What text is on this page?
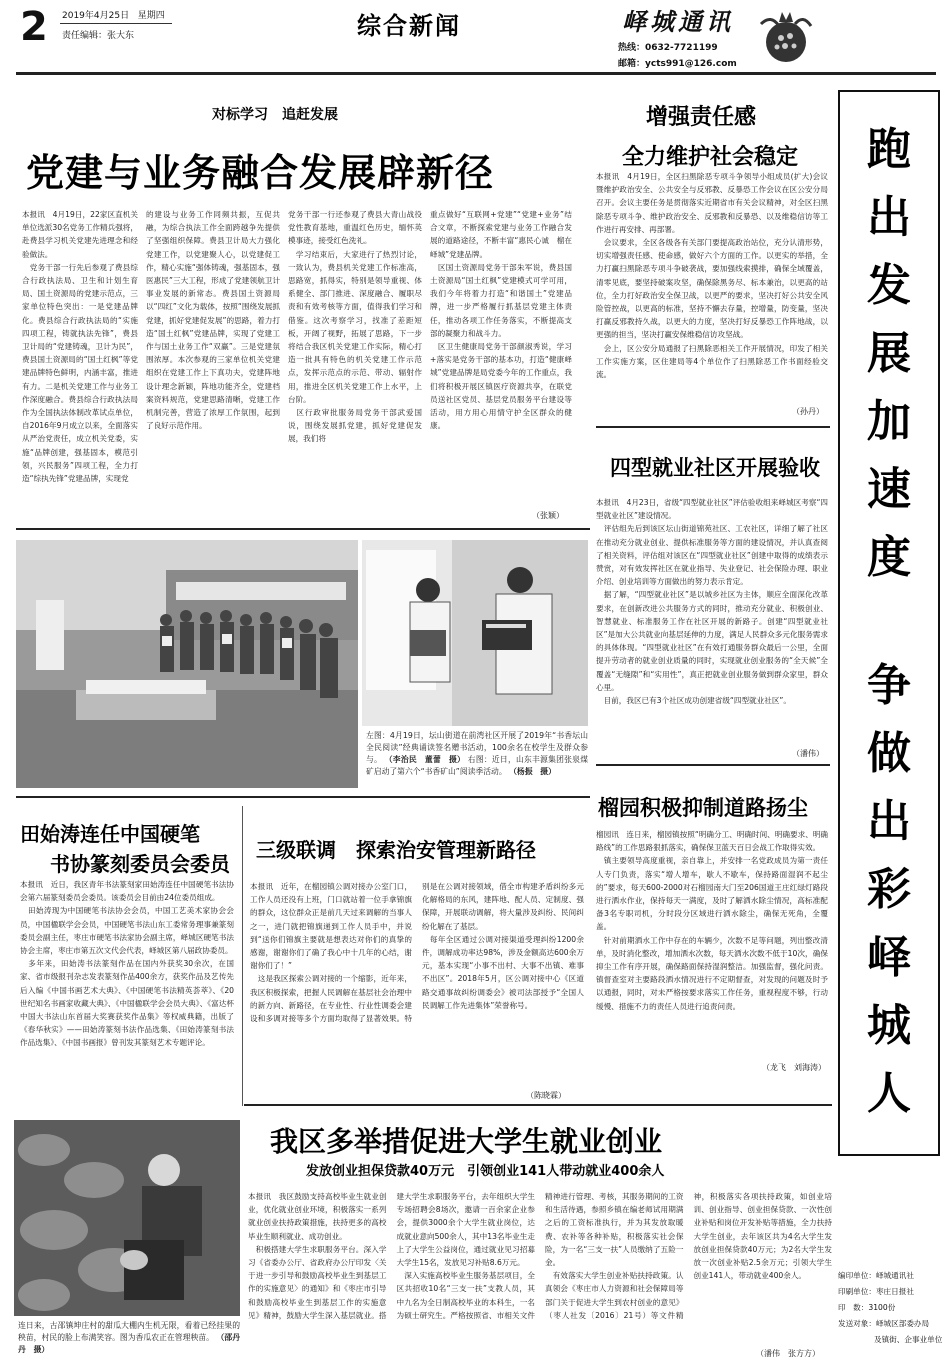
2 2019年4月25日 星期四
责任编辑：张大东	综合新闻	峄城通讯
热线：0632-7721199
邮箱：ycts991@126.com
对标学习　追赶发展
党建与业务融合发展辟新径
本报讯　4月19日，22家区直机关单位选派30名党务工作精兵强将，赴费县学习机关党建先进理念和经验做法。
　党务干部一行先后参观了费县综合行政执法局、卫生和计划生育局、国土资源局的党建示范点，三家单位特色突出：一是党建品牌化。费县综合行政执法局的“实施四项工程，铸就执法先锋”，费县卫计局的“党建铸魂，卫计为民”，费县国土资源局的“国土红枫”等党建品牌特色鲜明，内涵丰富，推进有力。二是机关党建工作与业务工作深度融合。费县综合行政执法局作为全国执法体制改革试点单位，自2016年9月成立以来，全面落实从严治党责任，成立机关党委，实施“品牌创建，强基固本，模范引领，兴民服务”四项工程，全力打造“综执先锋”党建品牌，实现党
的建设与业务工作同频共振，互促共融，为综合执法工作全面跨越争先提供了坚强组织保障。费县卫计局大力强化党建工作，以党建聚人心，以党建促工作，精心实施“强体铸魂，强基固本，强医惠民”三大工程，形成了党建领航卫计事业发展的新常态。费县国土资源局以“四红”文化为载体，按照“围绕发展抓党建，抓好党建促发展”的思路，着力打造“国土红枫”党建品牌，实现了党建工作与国土业务工作“双赢”。三是党建氛围浓厚。本次参观的三家单位机关党建组织在党建工作上下真功夫，党建阵地设计理念新颖，阵地功能齐全，党建档案资料规范，党建思路清晰，党建工作机制完善，营造了浓厚工作氛围，起到了良好示范作用。
党务干部一行还参观了费县大青山战役党性教育基地，重温红色历史，缅怀英模事迹，接受红色洗礼。
　学习结束后，大家进行了热烈讨论，一致认为，费县机关党建工作标准高，思路宽，抓得实，特别是领导重视、体系健全、部门推进、深度融合、履职尽责和有效考核等方面，值得我们学习和借鉴。这次考察学习，找准了差距短板，开阔了视野，拓展了思路，下一步将结合我区机关党建工作实际，精心打造一批具有特色的机关党建工作示范点，发挥示范点的示范、带动、辐射作用，推进全区机关党建工作上水平，上台阶。
　区行政审批服务局党务干部武爱国说，围绕发展抓党建，抓好党建促发展，我们将
重点做好“互联网+党建”“党建+业务”结合文章，不断探索党建与业务工作融合发展的道路途径，不断丰富“惠民心诚　榴在峄城”党建品牌。
　区国土资源局党务干部朱军说，费县国土资源局“国土红枫”党建模式可学可用，我们今年将着力打造“和谐国土”党建品牌，进一步严格履行抓基层党建主体责任，推动各项工作任务落实，不断提高支部的凝聚力和战斗力。
　区卫生健康局党务干部颜淑秀说，学习+落实是党务干部的基本功，打造“健康峄城”党建品牌是局党委今年的工作重点，我们将积极开展区镇医疗资源共享，在联党员送社区党员、基层党员服务平台建设等活动，用方用心用情守护全区群众的健康。
（张颖）
左图：4月19日，坛山街道在前湾社区开展了2019年“书香坛山　全民阅读”经典诵读签名赠书活动，100余名在校学生及群众参与。 （李治民　董蕾　摄） 右图：近日，山东丰源集团张泉煤矿启动了第六个“书香矿山”阅读季活动。 （杨振　摄）
增强责任感
全力维护社会稳定
本报讯　4月19日，全区扫黑除恶专项斗争领导小组成员(扩大)会议暨维护政治安全、公共安全与反邪教、反暴恐工作会议在区公安分局召开。会议主要任务是贯彻落实近期省市有关会议精神，对全区扫黑除恶专项斗争、维护政治安全、反邪教和反暴恐、以及维稳信访等工作进行再安排、再部署。
　会议要求，全区各级各有关部门要提高政治站位，充分认清形势，切实增强责任感、使命感，做好六个方面的工作。以更实的举措，全力打赢扫黑除恶专项斗争破袭战，要加强线索摸排，确保全域覆盖，清零见底，要坚持破案攻坚，确保除黑务尽、标本兼治，以更高的站位，全力打好政治安全保卫战，以更严的要求，坚决打好公共安全风险管控战，以更高的标准，坚持不懈去存量，控增量，防变量，坚决打赢反邪教持久战，以更大的力度，坚决打好反暴恐工作阵地战，以更强的担当，坚决打赢安保维稳信访攻坚战。
　会上，区公安分局通报了扫黑除恶相关工作开展情况，印发了相关工作实施方案，区住建局等4个单位作了扫黑除恶工作书面经验交流。
（孙丹）
四型就业社区开展验收
本报讯　4月23日，省级“四型就业社区”评估验收组来峄城区考察“四型就业社区”建设情况。
　评估组先后到该区坛山街道锦苑社区、工农社区，详细了解了社区在推动充分就业创业、提供标准服务等方面的建设情况，并认真查阅了相关资料，评估组对该区在“四型就业社区”创建中取得的成绩表示赞赏，对有效发挥社区在就业指导、失业登记、社会保险办理、职业介绍、创业培训等方面做出的努力表示肯定。
　据了解，“四型就业社区”是以城乡社区为主体，顺应全面深化改革要求，在创新改进公共服务方式的同时，推动充分就业、积极创业、智慧就业、标准服务工作在社区开展的新路子。创建“四型就业社区”是加大公共就业向基层延伸的力度，满足人民群众多元化服务需求的具体体现。“四型就业社区”在有效打通服务群众最后一公里，全面提升劳动者的就业创业质量的同时，实现就业创业服务的“全天候”全覆盖“无缝隙”和“实用性”，真正把就业创业服务做到群众家里，群众心里。
　目前，我区已有3个社区成功创建省级“四型就业社区”。
（潘伟）
榴园积极抑制道路扬尘
榴园讯　连日来，榴园镇按照“明确分工、明确时间、明确要求、明确路线”的工作思路狠抓落实，确保保卫蓝天百日会战工作取得实效。
　镇主要领导高度重视，亲自靠上，并安排一名党政成员为第一责任人专门负责，落实“增人增车，歇人不歇车，保持路面湿润不起尘的”要求，每天600-2000对石榴园南大门至206国道王庄红绿灯路段进行洒水作业，保持每天一满度，及时了解洒水除尘情况，高标准配备3名专职司机，分时段分区域进行洒水除尘，确保无死角，全覆盖。
　针对前期洒水工作中存在的车辆少，次数不足等问题，列出整改清单，及时消化整改，增加洒水次数，每天洒水次数不低于10次，确保抑尘工作有序开展，确保路面保持湿润整洁。加强监督，强化问责。镇督查室对主要路段洒水情况进行不定期督查，对发现的问题及时予以通报，同时，对未严格按要求落实工作任务，重视程度不够，行动缓慢、措施不力的责任人员进行追责问责。
（龙飞　刘海涛）
跑
出
发
展
加
速
度
争
做
出
彩
峄
城
人
田始涛连任中国硬笔
书协篆刻委员会委员
本报讯　近日，我区青年书法篆刻家田始涛连任中国硬笔书法协会第六届篆刻委员会委员。该委员会目前由24位委员组成。
　田始涛现为中国硬笔书法协会会员，中国工艺美术家协会会员，中国楹联学会会员，中国硬笔书法山东工委常务理事兼篆刻委员会副主任，枣庄市硬笔书法家协会副主席，峄城区硬笔书法协会主席，枣庄市第五次文代会代表，峄城区第八届政协委员。
　多年来，田始涛书法篆刻作品在国内外获奖30余次，在国家、省市级报刊杂志发表篆刻作品400余方，获奖作品及艺传先后入编《中国书画艺术大典》、《中国硬笔书法精英荟萃》、《20世纪知名书画家收藏大典》、《中国楹联学会会员大典》、《富达杯中国大书法山东首届大奖赛获奖作品集》等权威典籍，出版了《春华秋实》——田始涛篆刻书法作品选集、《田始涛篆刻书法作品选集》、《中国书画报》曾刊发其篆刻艺术专题评论。
三级联调　探索治安管理新路径
本报讯　近年，在榴园镇公调对接办公室门口，工作人员还没有上班，门口就站着一位手拿锦旗的群众，这位群众正是前几天过来调解的当事人之一，进门就把锦旗递到工作人员手中，并说到“送你们锦旗主要就是想表达对你们的真挚的感谢，谢谢你们了确了我心中十几年的心结，谢谢你们了！”
　这是我区探索公调对接的一个缩影，近年来，我区积极探索，把握人民调解在基层社会治理中的新方向、新路径，在专业性、行业性调委会建设和多调对接等多个方面均取得了显著效果。特别是在公调对接领域，借全市构建矛盾纠纷多元化解格局的东风，建阵地、配人员、定制度、强保障，开展联动调解，将大量涉及纠纷、民间纠纷化解在了基层。
　每年全区通过公调对接渠道受理纠纷1200余件，调解成功率达98%，涉及金额高达600余万元，基本实现“小事不出村、大事不出镇、难事不出区”。2018年5月，区公调对接中心《区道路交通事故纠纷调委会》被司法部授予“全国人民调解工作先进集体”荣誉称号。
（陈晓霖）
我区多举措促进大学生就业创业
发放创业担保贷款40万元　引领创业141人带动就业400余人
本报讯　我区鼓励支持高校毕业生就业创业，优化就业创业环境，积极落实一系列就业创业扶持政策措施，扶持更多的高校毕业生顺利就业、成功创业。
　积极搭建大学生求职服务平台。深入学习《省委办公厅、省政府办公厅印发〈关于进一步引导和鼓励高校毕业生到基层工作的实施意见〉的通知》和《枣庄市引导和鼓励高校毕业生到基层工作的实施意见》精神，鼓励大学生深入基层就业。搭建大学生求职服务平台，去年组织大学生专场招聘会8场次，邀请一百余家企业参会，提供3000余个大学生就业岗位，达成就业意向500余人，其中13名毕业生走上了大学生公益岗位，通过就业见习招募大学生15名，发放见习补贴8.6万元。
　深入实施高校毕业生服务基层项目，全区共招收10名“三支一扶”支教人员，其中九名为全日制高校毕业的本科生，一名为硕士研究生。严格按照省、市相关文件精神进行管理、考核，其服务期间的工资和生活待遇，参照乡镇在编老师试用期满之后的工资标准执行，并为其发放取暖费、农补等各种补贴，积极落实社会保险，为一名“三支一扶”人员缴纳了五险一金。
　有效落实大学生创业补贴扶持政策。认真领会《枣庄市人力资源和社会保障局等部门关于促进大学生到农村创业的意见》（枣人社发〔2016〕21号）等文件精神，积极落实各项扶持政策，如创业培训、创业指导、创业担保贷款、一次性创业补贴和岗位开发补贴等措施，全力扶持大学生创业，去年该区共为4名大学生发放创业担保贷款40万元；为2名大学生发放一次创业补贴2.5余万元；引领大学生创业141人，带动就业400余人。
（潘伟　张方方）
连日来，古邵镇坤庄村的甜瓜大棚内生机无限，看着已经挂果的秧苗，村民的脸上布满笑容。图为香瓜农正在管理秧苗。 （邵丹丹　摄）
编印单位：峄城通讯社
印刷单位：枣庄日报社
印　数：3100份
发送对象：峄城区部委办局
及镇街、企事业单位
